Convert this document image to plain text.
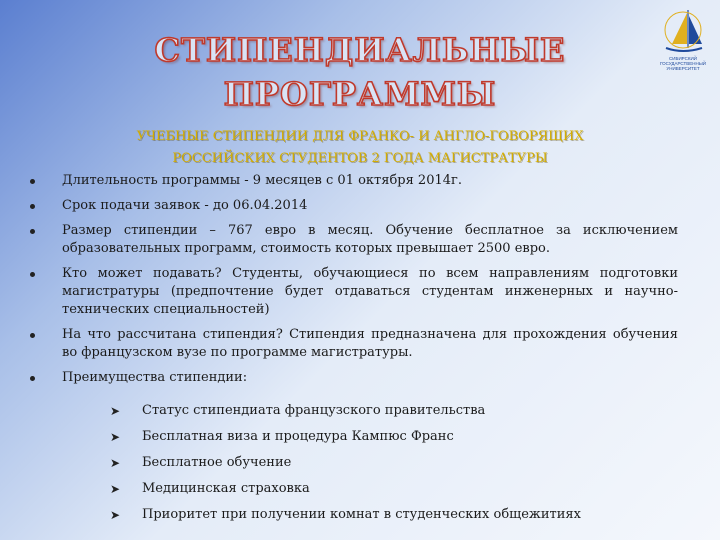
СИБИРСКИЙ
ГОСУДАРСТВЕННЫЙ
УНИВЕРСИТЕТ
СТИПЕНДИАЛЬНЫЕ
ПРОГРАММЫ
УЧЕБНЫЕ СТИПЕНДИИ ДЛЯ ФРАНКО- И АНГЛО-ГОВОРЯЩИХ
РОССИЙСКИХ СТУДЕНТОВ 2 ГОДА МАГИСТРАТУРЫ
Длительность программы - 9 месяцев с 01 октября 2014г.
Срок подачи заявок - до 06.04.2014
Размер стипендии – 767 евро в месяц. Обучение бесплатное за исключением образовательных программ, стоимость которых превышает 2500 евро.
Кто может подавать? Студенты, обучающиеся по всем направлениям подготовки магистратуры (предпочтение будет отдаваться студентам инженерных и научно-технических специальностей)
На что рассчитана стипендия? Стипендия предназначена для прохождения обучения во французском вузе по программе магистратуры.
Преимущества стипендии:
➤ Статус стипендиата французского правительства
➤ Бесплатная виза и процедура Кампюс Франс
➤ Бесплатное обучение
➤ Медицинская страховка
➤ Приоритет при получении комнат в студенческих общежитиях
